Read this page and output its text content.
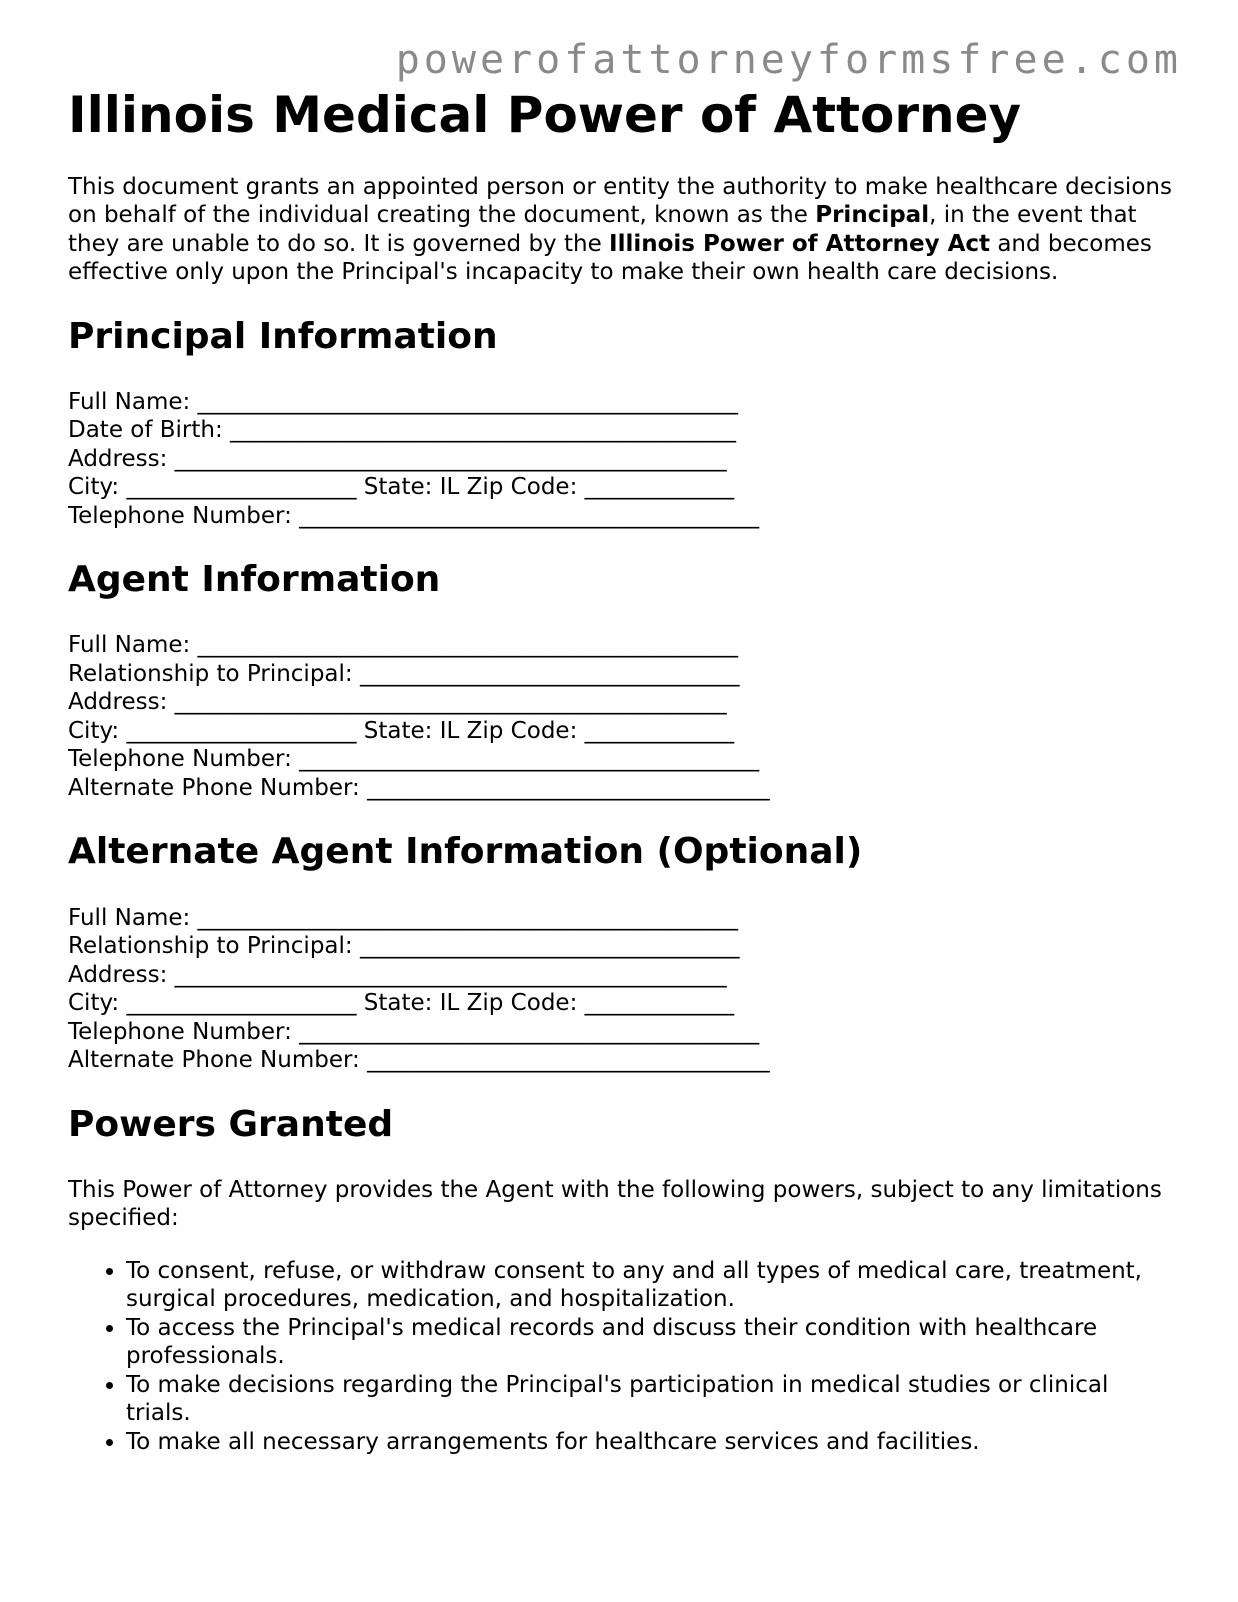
powerofattorneyformsfree.com
Illinois Medical Power of Attorney

This document grants an appointed person or entity the authority to make healthcare decisions on behalf of the individual creating the document, known as the Principal, in the event that they are unable to do so. It is governed by the Illinois Power of Attorney Act and becomes effective only upon the Principal's incapacity to make their own health care decisions.

Principal Information
Full Name: _______________________________________________
Date of Birth: ____________________________________________
Address: ________________________________________________
City: ____________________ State: IL Zip Code: _____________
Telephone Number: ________________________________________
Agent Information
Full Name: _______________________________________________
Relationship to Principal: _________________________________
Address: ________________________________________________
City: ____________________ State: IL Zip Code: _____________
Telephone Number: ________________________________________
Alternate Phone Number: ___________________________________
Alternate Agent Information (Optional)
Full Name: _______________________________________________
Relationship to Principal: _________________________________
Address: ________________________________________________
City: ____________________ State: IL Zip Code: _____________
Telephone Number: ________________________________________
Alternate Phone Number: ___________________________________
Powers Granted

This Power of Attorney provides the Agent with the following powers, subject to any limitations specified:

• To consent, refuse, or withdraw consent to any and all types of medical care, treatment, surgical procedures, medication, and hospitalization.
• To access the Principal's medical records and discuss their condition with healthcare professionals.
• To make decisions regarding the Principal's participation in medical studies or clinical trials.
• To make all necessary arrangements for healthcare services and facilities.
